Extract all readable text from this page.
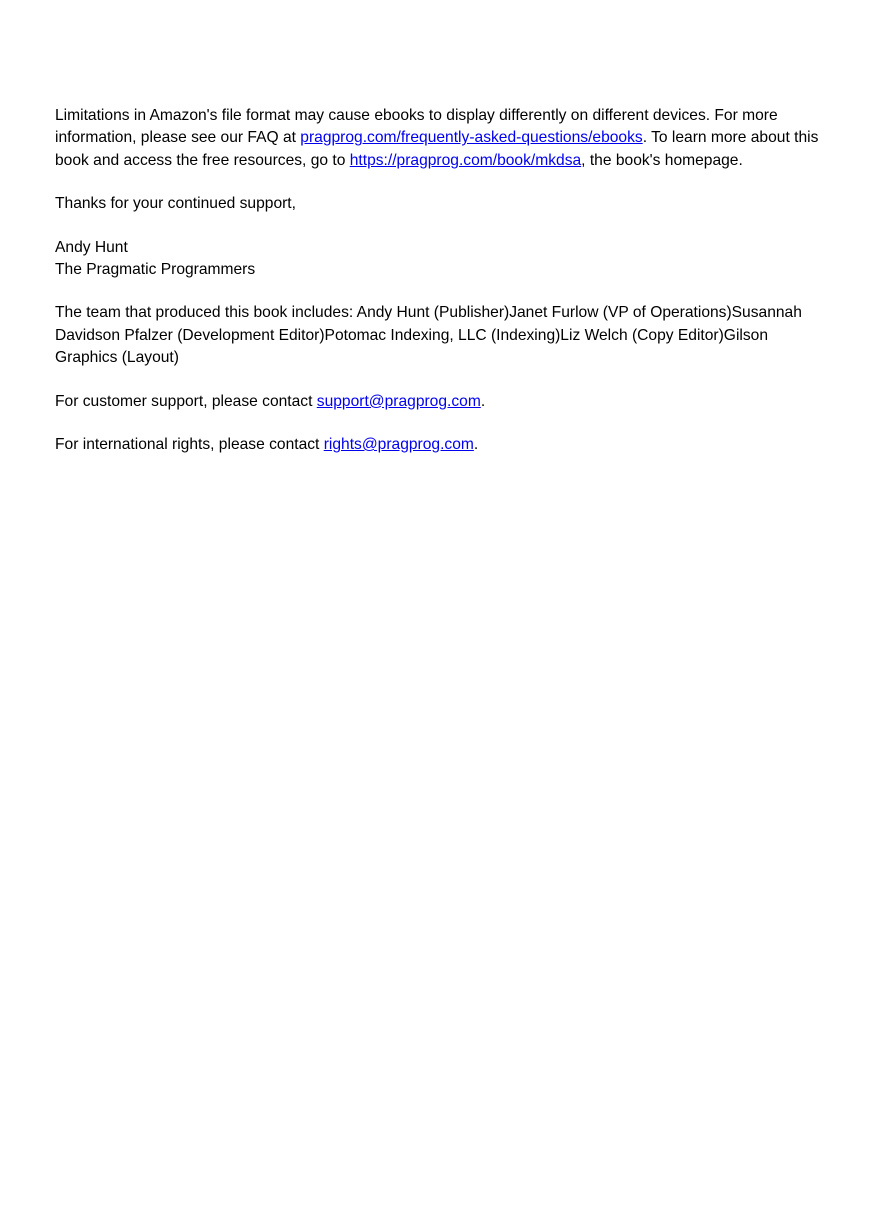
Limitations in Amazon's file format may cause ebooks to display differently on different devices. For more information, please see our FAQ at pragprog.com/frequently-asked-questions/ebooks. To learn more about this book and access the free resources, go to https://pragprog.com/book/mkdsa, the book's homepage.

Thanks for your continued support,

Andy Hunt
The Pragmatic Programmers

The team that produced this book includes: Andy Hunt (Publisher)Janet Furlow (VP of Operations)Susannah Davidson Pfalzer (Development Editor)Potomac Indexing, LLC (Indexing)Liz Welch (Copy Editor)Gilson Graphics (Layout)

For customer support, please contact support@pragprog.com.

For international rights, please contact rights@pragprog.com.
